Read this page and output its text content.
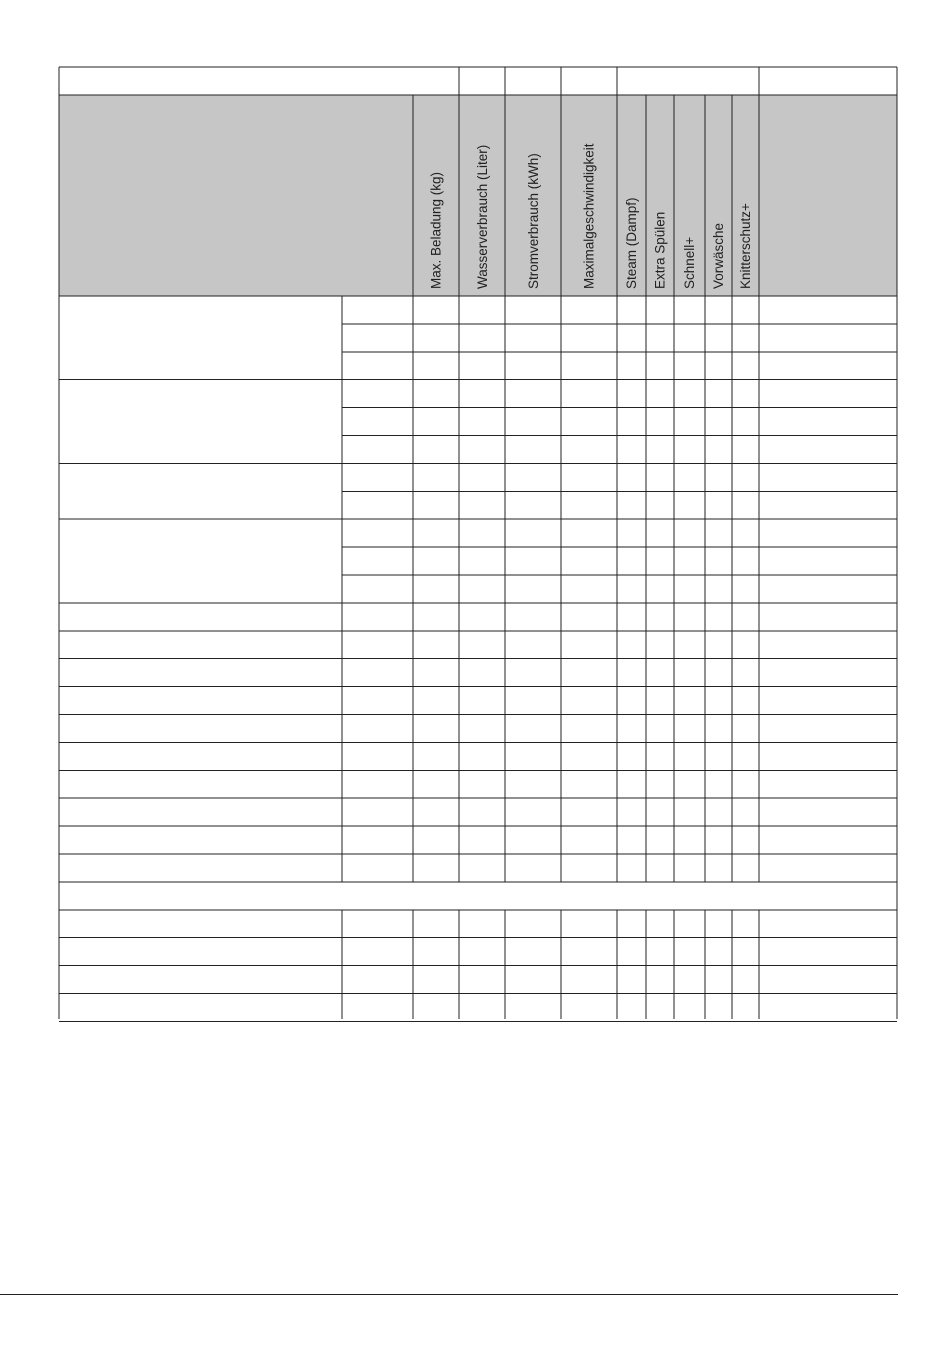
Max. Beladung (kg) Wasserverbrauch (Liter)	Stromverbrauch (kWh)	Maximalgeschwindigkeit Steam (Dampf) Extra Spülen Schnell+ Vorwäsche Knitterschutz+
